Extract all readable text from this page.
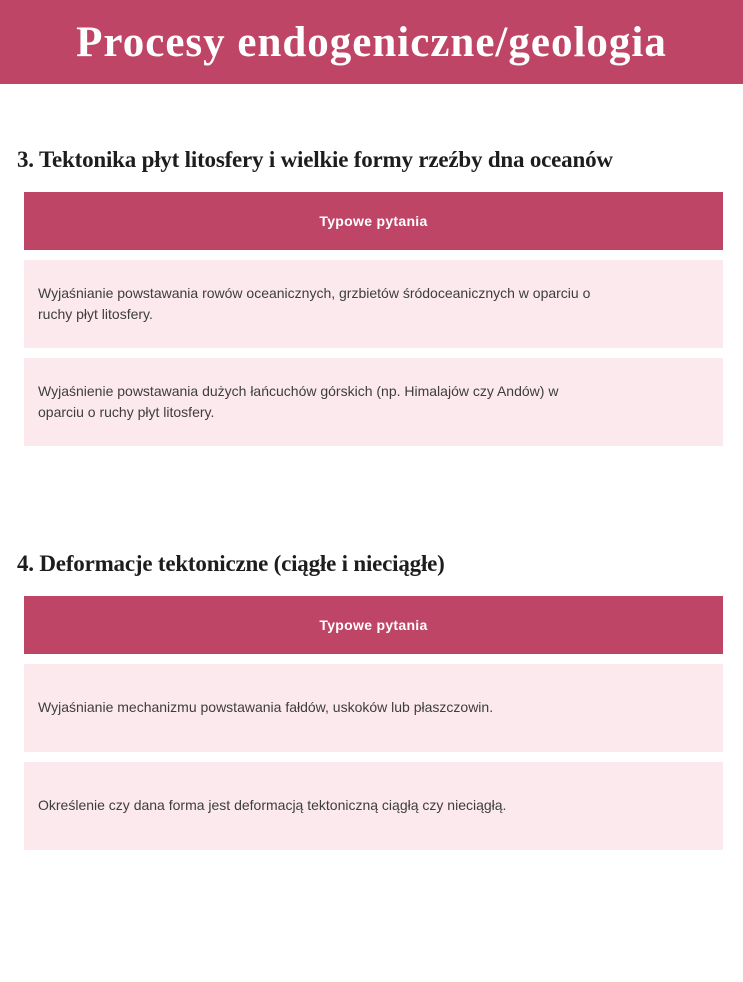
Procesy endogeniczne/geologia
3. Tektonika płyt litosfery i wielkie formy rzeźby dna oceanów
Typowe pytania

Wyjaśnianie powstawania rowów oceanicznych, grzbietów śródoceanicznych w oparciu o ruchy płyt litosfery.

Wyjaśnienie powstawania dużych łańcuchów górskich (np. Himalajów czy Andów) w oparciu o ruchy płyt litosfery.

4. Deformacje tektoniczne (ciągłe i nieciągłe)
Typowe pytania

Wyjaśnianie mechanizmu powstawania fałdów, uskoków lub płaszczowin.

Określenie czy dana forma jest deformacją tektoniczną ciągłą czy nieciągłą.
